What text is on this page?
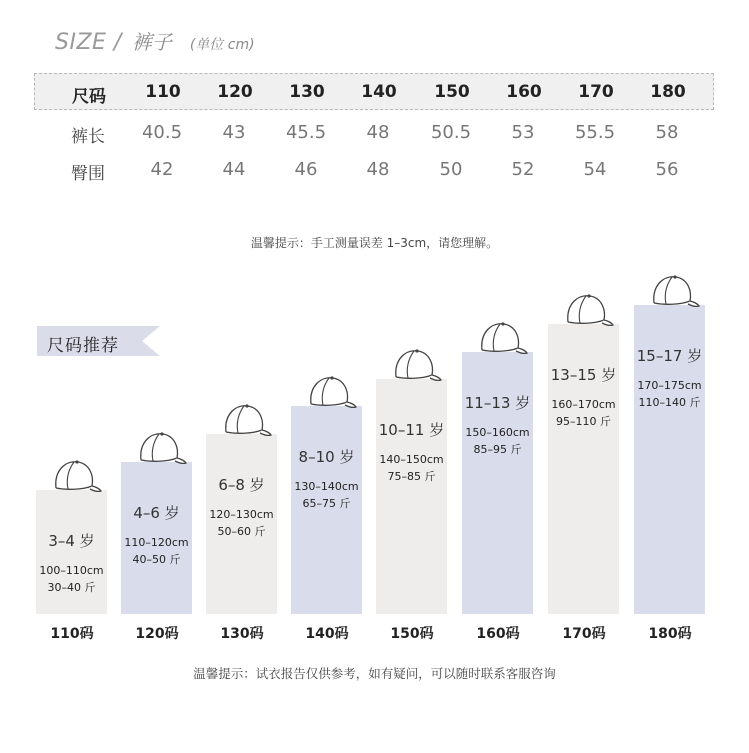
SIZE / 裤子 (单位 cm)
尺码	110	120	130	140	150	160	170	180
裤长	40.5	43	45.5	48	50.5	53	55.5	58
臀围	42	44	46	48	50	52	54	56
温馨提示：手工测量误差 1–3cm，请您理解。
尺码推荐
3–4 岁
100–110cm
30–40 斤
110码
4–6 岁
110–120cm
40–50 斤
120码
6–8 岁
120–130cm
50–60 斤
130码
8–10 岁
130–140cm
65–75 斤
140码
10–11 岁
140–150cm
75–85 斤
150码
11–13 岁
150–160cm
85–95 斤
160码
13–15 岁
160–170cm
95–110 斤
170码
15–17 岁
170–175cm
110–140 斤
180码
温馨提示：试衣报告仅供参考，如有疑问，可以随时联系客服咨询
